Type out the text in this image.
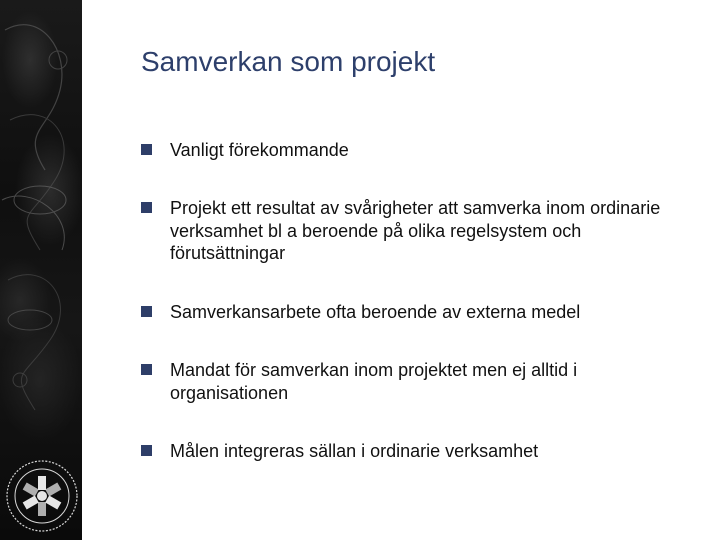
Samverkan som projekt
Vanligt förekommande
Projekt ett resultat av svårigheter att samverka inom ordinarie verksamhet bl a beroende på olika regelsystem och förutsättningar
Samverkansarbete ofta beroende av externa medel
Mandat för samverkan inom projektet men ej alltid i organisationen
Målen integreras sällan i ordinarie verksamhet
